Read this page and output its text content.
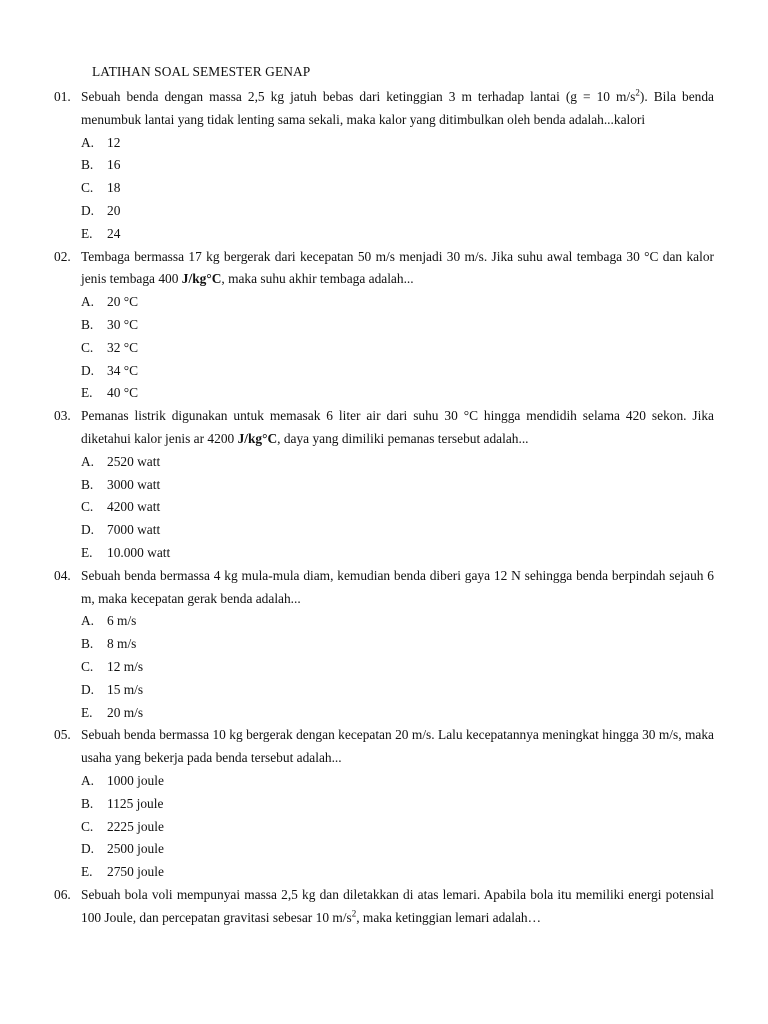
LATIHAN SOAL SEMESTER GENAP
01. Sebuah benda dengan massa 2,5 kg jatuh bebas dari ketinggian 3 m terhadap lantai (g = 10 $m/s^2$). Bila benda menumbuk lantai yang tidak lenting sama sekali, maka kalor yang ditimbulkan oleh benda adalah...kalori
A. 12
B.	16
C.	18
D. 20
E.	24
02. Tembaga bermassa 17 kg bergerak dari kecepatan 50 m/s menjadi 30 m/s. Jika suhu awal tembaga 30 °C dan kalor jenis tembaga 400 J/kg°C, maka suhu akhir tembaga adalah...
A. 20 °C
B.	30 °C
C.	32 °C
D. 34 °C
E.	40 °C
03. Pemanas listrik digunakan untuk memasak 6 liter air dari suhu 30 °C hingga mendidih selama 420 sekon. Jika diketahui kalor jenis ar 4200 J/kg°C, daya yang dimiliki pemanas tersebut adalah...
A. 2520 watt
B.	3000 watt
C.	4200 watt
D. 7000 watt
E.	10.000 watt
04. Sebuah benda bermassa 4 kg mula-mula diam, kemudian benda diberi gaya 12 N sehingga benda berpindah sejauh 6 m, maka kecepatan gerak benda adalah...
A. 6 m/s
B.	8 m/s
C.	12 m/s
D. 15 m/s
E.	20 m/s
05. Sebuah benda bermassa 10 kg bergerak dengan kecepatan 20 m/s. Lalu kecepatannya meningkat hingga 30 m/s, maka usaha yang bekerja pada benda tersebut adalah...
A. 1000 joule
B.	1125 joule
C.	2225 joule
D. 2500 joule
E.	2750 joule
06. Sebuah bola voli mempunyai massa 2,5 kg dan diletakkan di atas lemari. Apabila bola itu memiliki energi potensial 100 Joule, dan percepatan gravitasi sebesar 10 $m/s^2$, maka ketinggian lemari adalah…
